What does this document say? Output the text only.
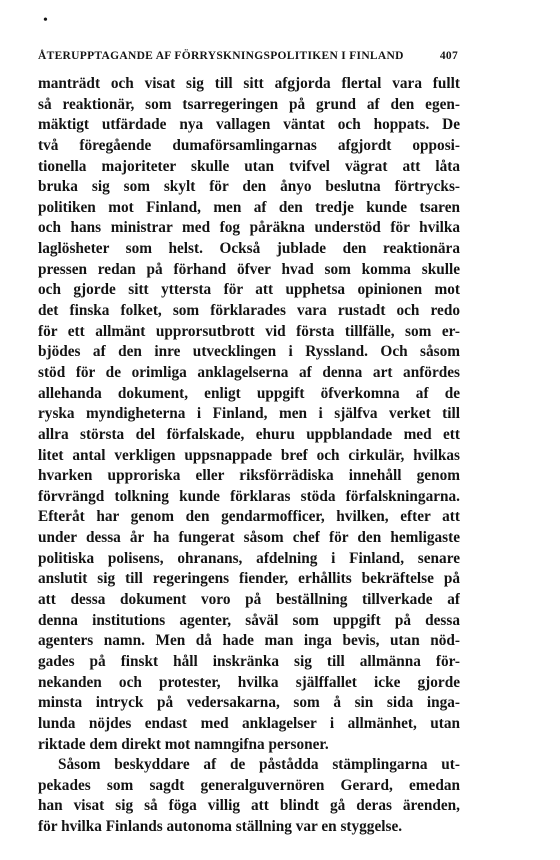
•
ÅTERUPPTAGANDE AF FÖRRYSKNINGSPOLITIKEN I FINLAND	407
manträdt och visat sig till sitt afgjorda flertal vara fullt
så reaktionär, som tsarregeringen på grund af den egen-
mäktigt utfärdade nya vallagen väntat och hoppats. De
två föregående dumaförsamlingarnas afgjordt opposi-
tionella majoriteter skulle utan tvifvel vägrat att låta
bruka sig som skylt för den ånyo beslutna förtrycks-
politiken mot Finland, men af den tredje kunde tsaren
och hans ministrar med fog påräkna understöd för hvilka
laglösheter som helst. Också jublade den reaktionära
pressen redan på förhand öfver hvad som komma skulle
och gjorde sitt yttersta för att upphetsa opinionen mot
det finska folket, som förklarades vara rustadt och redo
för ett allmänt upprorsutbrott vid första tillfälle, som er-
bjödes af den inre utvecklingen i Ryssland. Och såsom
stöd för de orimliga anklagelserna af denna art anfördes
allehanda dokument, enligt uppgift öfverkomna af de
ryska myndigheterna i Finland, men i själfva verket till
allra största del förfalskade, ehuru uppblandade med ett
litet antal verkligen uppsnappade bref och cirkulär, hvilkas
hvarken upproriska eller riksförrädiska innehåll genom
förvrängd tolkning kunde förklaras stöda förfalskningarna.
Efteråt har genom den gendarmofficer, hvilken, efter att
under dessa år ha fungerat såsom chef för den hemligaste
politiska polisens, ohranans, afdelning i Finland, senare
anslutit sig till regeringens fiender, erhållits bekräftelse på
att dessa dokument voro på beställning tillverkade af
denna institutions agenter, såväl som uppgift på dessa
agenters namn. Men då hade man inga bevis, utan nöd-
gades på finskt håll inskränka sig till allmänna för-
nekanden och protester, hvilka själffallet icke gjorde
minsta intryck på vedersakarna, som å sin sida inga-
lunda nöjdes endast med anklagelser i allmänhet, utan
riktade dem direkt mot namngifna personer.
Såsom beskyddare af de påstådda stämplingarna ut-
pekades som sagdt generalguvernören Gerard, emedan
han visat sig så föga villig att blindt gå deras ärenden,
för hvilka Finlands autonoma ställning var en styggelse.
